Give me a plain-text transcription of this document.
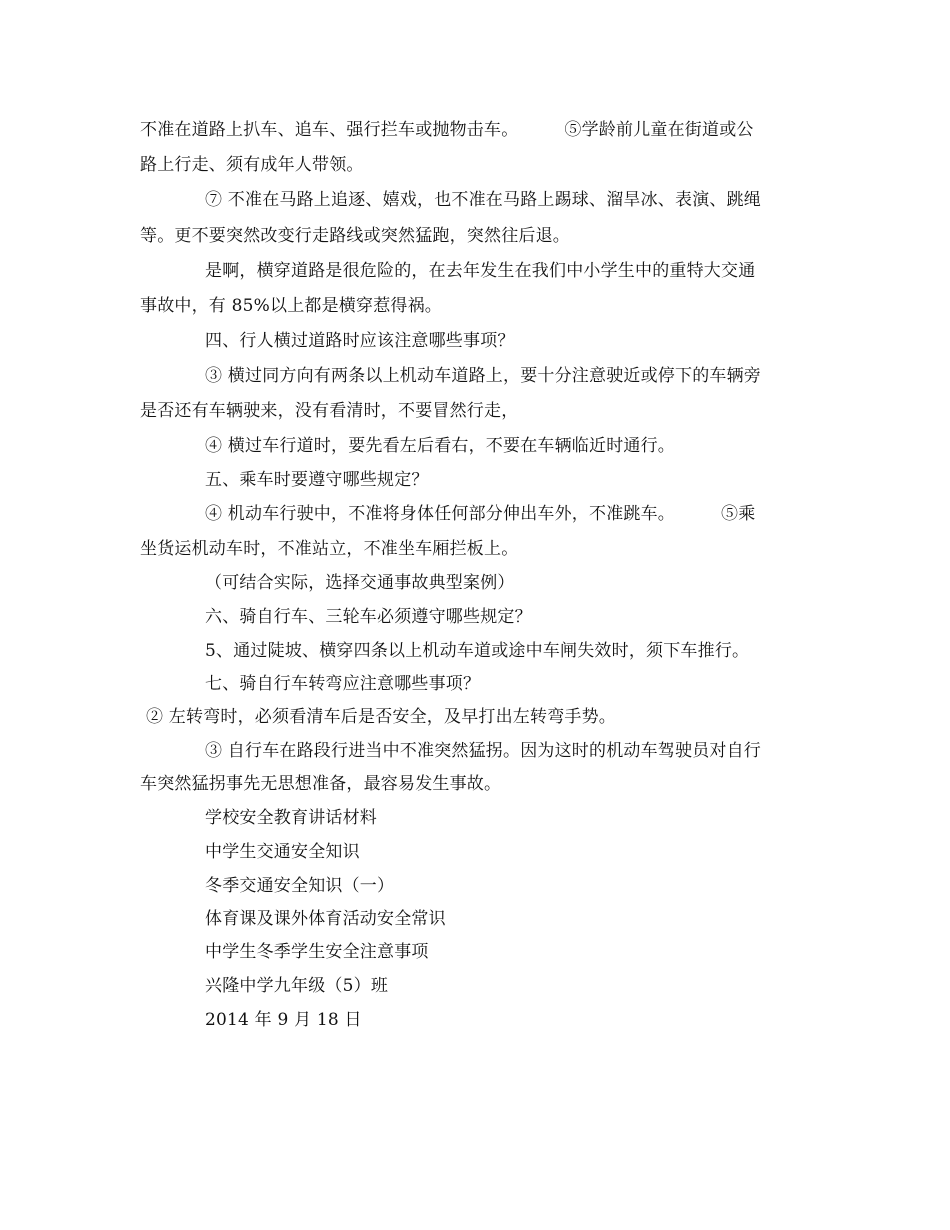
不准在道路上扒车、追车、强行拦车或抛物击车。	⑤学龄前儿童在街道或公
路上行走、须有成年人带领。
⑦ 不准在马路上追逐、嬉戏，也不准在马路上踢球、溜旱冰、表演、跳绳
等。更不要突然改变行走路线或突然猛跑，突然往后退。
是啊，横穿道路是很危险的，在去年发生在我们中小学生中的重特大交通
事故中，有 85%以上都是横穿惹得祸。
四、行人横过道路时应该注意哪些事项？
③ 横过同方向有两条以上机动车道路上，要十分注意驶近或停下的车辆旁
是否还有车辆驶来，没有看清时，不要冒然行走，
④ 横过车行道时，要先看左后看右，不要在车辆临近时通行。
五、乘车时要遵守哪些规定？
④ 机动车行驶中，不准将身体任何部分伸出车外，不准跳车。	⑤乘
坐货运机动车时，不准站立，不准坐车厢拦板上。
（可结合实际，选择交通事故典型案例）
六、骑自行车、三轮车必须遵守哪些规定？
5、通过陡坡、横穿四条以上机动车道或途中车闸失效时，须下车推行。
七、骑自行车转弯应注意哪些事项？
② 左转弯时，必须看清车后是否安全，及早打出左转弯手势。
③ 自行车在路段行进当中不准突然猛拐。因为这时的机动车驾驶员对自行
车突然猛拐事先无思想准备，最容易发生事故。
学校安全教育讲话材料
中学生交通安全知识
冬季交通安全知识（一）
体育课及课外体育活动安全常识
中学生冬季学生安全注意事项
兴隆中学九年级（5）班
2014 年 9 月 18 日
